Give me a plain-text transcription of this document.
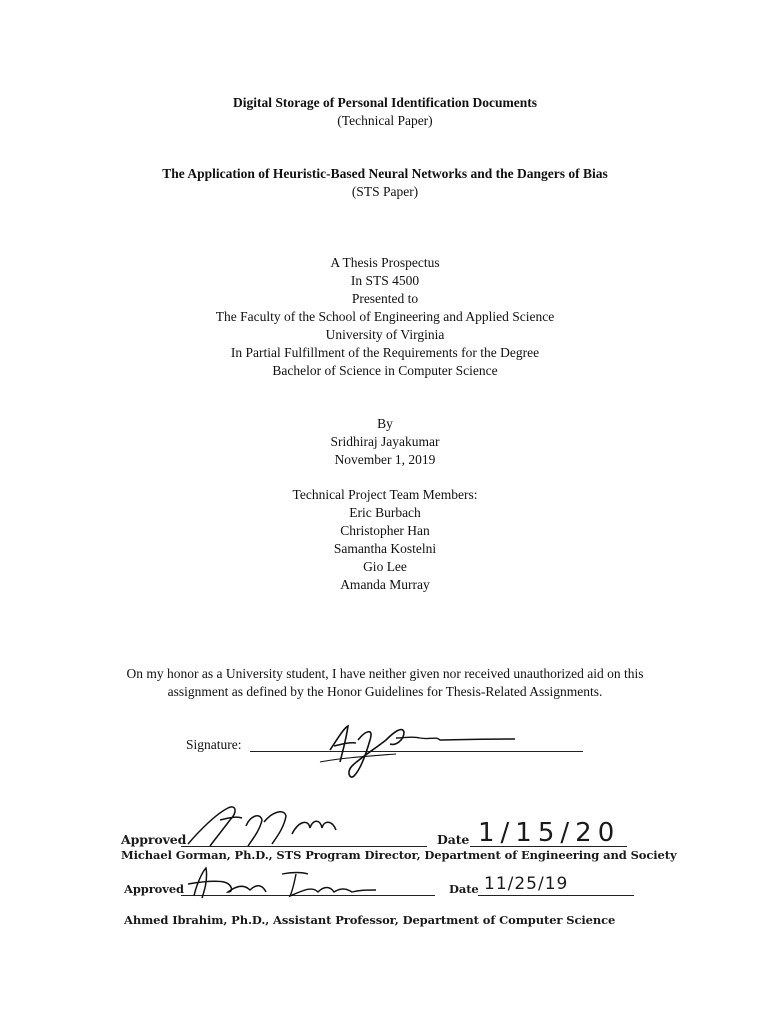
Digital Storage of Personal Identification Documents
(Technical Paper)
The Application of Heuristic-Based Neural Networks and the Dangers of Bias
(STS Paper)
A Thesis Prospectus
In STS 4500
Presented to
The Faculty of the School of Engineering and Applied Science
University of Virginia
In Partial Fulfillment of the Requirements for the Degree
Bachelor of Science in Computer Science
By
Sridhiraj Jayakumar
November 1, 2019
Technical Project Team Members:
Eric Burbach
Christopher Han
Samantha Kostelni
Gio Lee
Amanda Murray
On my honor as a University student, I have neither given nor received unauthorized aid on this
assignment as defined by the Honor Guidelines for Thesis-Related Assignments.
Signature:
Approved	Date 1/15/20
Michael Gorman, Ph.D., STS Program Director, Department of Engineering and Society
Approved	Date 11/25/19
Ahmed Ibrahim, Ph.D., Assistant Professor, Department of Computer Science
